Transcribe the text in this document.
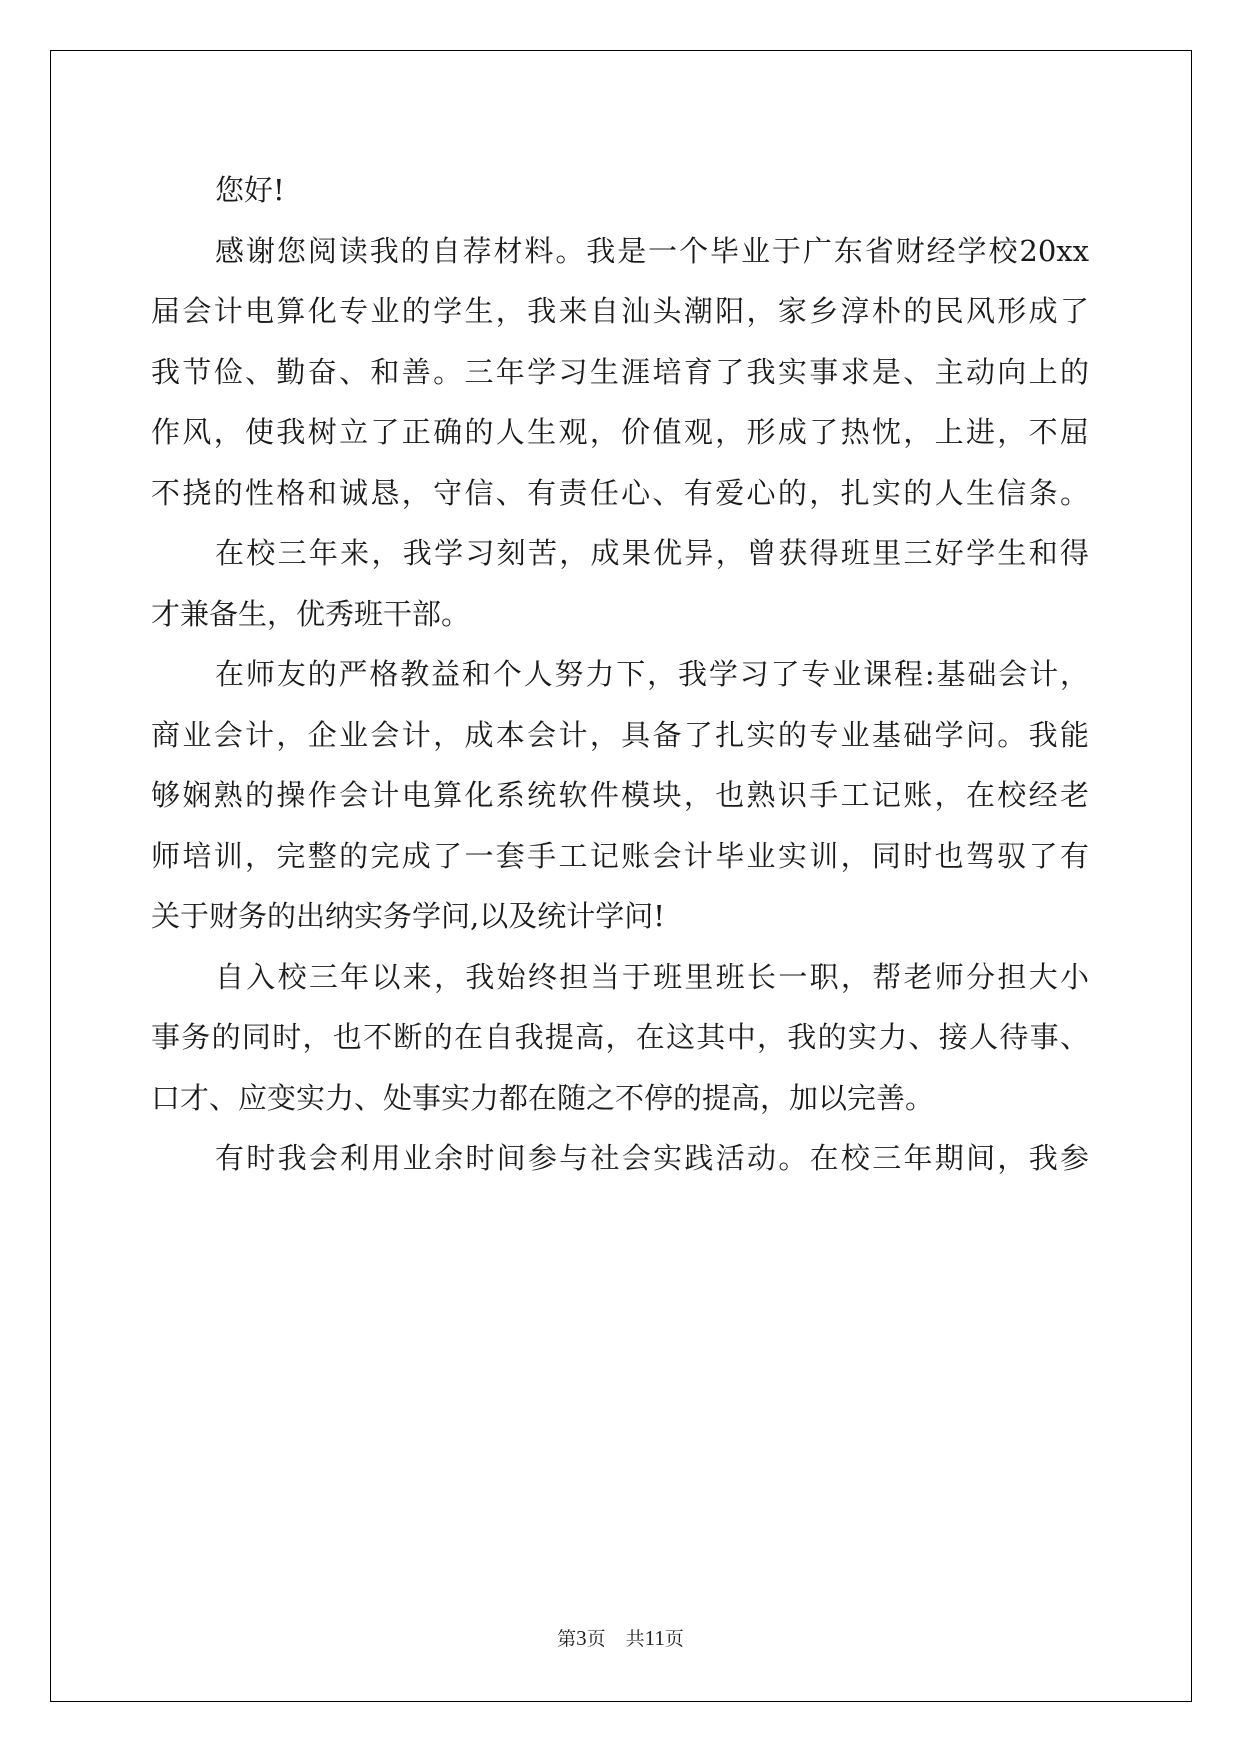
您好!
感谢您阅读我的自荐材料。我是一个毕业于广东省财经学校20xx
届会计电算化专业的学生，我来自汕头潮阳，家乡淳朴的民风形成了
我节俭、勤奋、和善。三年学习生涯培育了我实事求是、主动向上的
作风，使我树立了正确的人生观，价值观，形成了热忱，上进，不屈
不挠的性格和诚恳，守信、有责任心、有爱心的，扎实的人生信条。
在校三年来，我学习刻苦，成果优异，曾获得班里三好学生和得
才兼备生，优秀班干部。
在师友的严格教益和个人努力下，我学习了专业课程:基础会计，
商业会计，企业会计，成本会计，具备了扎实的专业基础学问。我能
够娴熟的操作会计电算化系统软件模块，也熟识手工记账，在校经老
师培训，完整的完成了一套手工记账会计毕业实训，同时也驾驭了有
关于财务的出纳实务学问,以及统计学问!
自入校三年以来，我始终担当于班里班长一职，帮老师分担大小
事务的同时，也不断的在自我提高，在这其中，我的实力、接人待事、
口才、应变实力、处事实力都在随之不停的提高，加以完善。
有时我会利用业余时间参与社会实践活动。在校三年期间，我参
第3页 共11页
